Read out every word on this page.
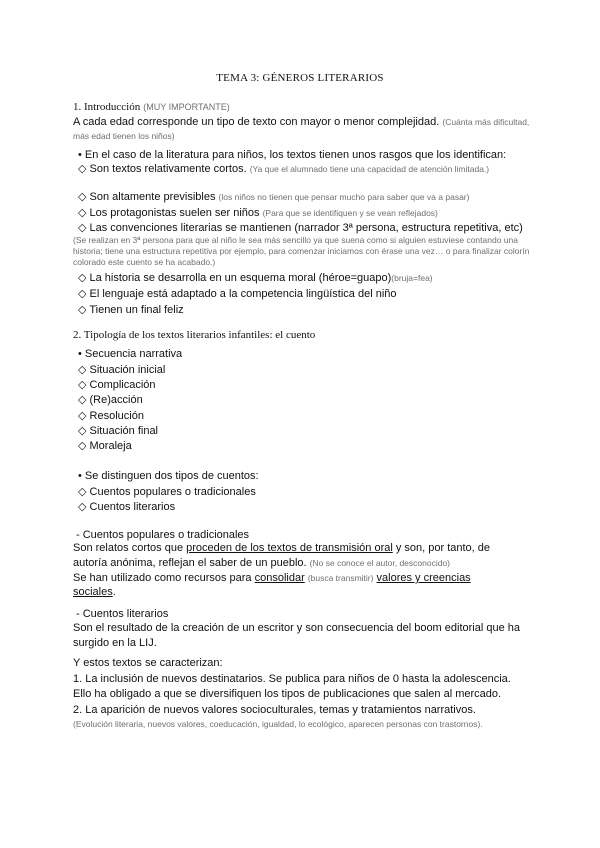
TEMA 3: GÉNEROS LITERARIOS
1. Introducción (MUY IMPORTANTE)
A cada edad corresponde un tipo de texto con mayor o menor complejidad. (Cuánta más dificultad, más edad tienen los niños)
• En el caso de la literatura para niños, los textos tienen unos rasgos que los identifican:
◇ Son textos relativamente cortos. (Ya que el alumnado tiene una capacidad de atención limitada.)
◇ Son altamente previsibles (los niños no tienen que pensar mucho para saber que va a pasar)
◇ Los protagonistas suelen ser niños (Para que se identifiquen y se vean reflejados)
◇ Las convenciones literarias se mantienen (narrador 3ª persona, estructura repetitiva, etc)
(Se realizan en 3ª persona para que al niño le sea más sencillo ya que suena como si alguien estuviese contando una historia; tiene una estructura repetitiva por ejemplo, para comenzar iniciamos con érase una vez… o para finalizar colorín colorado este cuento se ha acabado.)
◇ La historia se desarrolla en un esquema moral (héroe=guapo)(bruja=fea)
◇ El lenguaje está adaptado a la competencia lingüística del niño
◇ Tienen un final feliz
2. Tipología de los textos literarios infantiles: el cuento
• Secuencia narrativa
◇ Situación inicial
◇ Complicación
◇ (Re)acción
◇ Resolución
◇ Situación final
◇ Moraleja
• Se distinguen dos tipos de cuentos:
◇ Cuentos populares o tradicionales
◇ Cuentos literarios
- Cuentos populares o tradicionales
Son relatos cortos que proceden de los textos de transmisión oral y son, por tanto, de
autoría anónima, reflejan el saber de un pueblo. (No se conoce el autor, desconocido)
Se han utilizado como recursos para consolidar (busca transmitir) valores y creencias
sociales.
- Cuentos literarios
Son el resultado de la creación de un escritor y son consecuencia del boom editorial que ha
surgido en la LIJ.
Y estos textos se caracterizan:
1. La inclusión de nuevos destinatarios. Se publica para niños de 0 hasta la adolescencia.
Ello ha obligado a que se diversifiquen los tipos de publicaciones que salen al mercado.
2. La aparición de nuevos valores socioculturales, temas y tratamientos narrativos.
(Evolución literaria, nuevos valores, coeducación, igualdad, lo ecológico, aparecen personas con trastornos).
